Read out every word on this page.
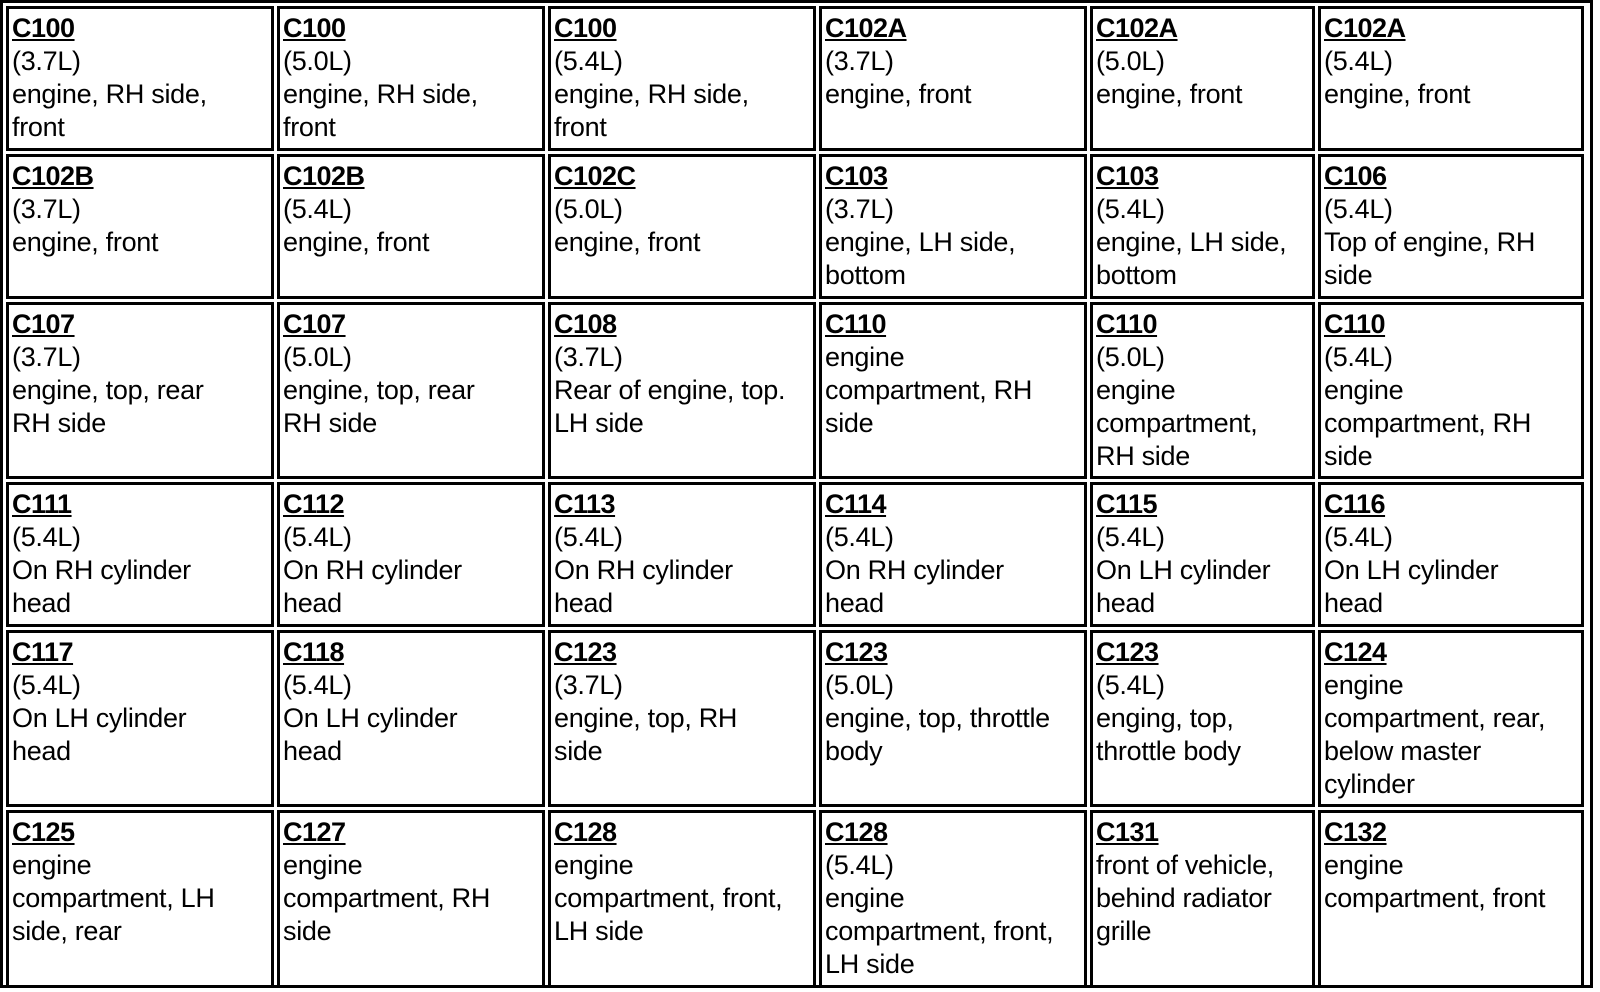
C100
(3.7L)
engine, RH side,
front
C100
(5.0L)
engine, RH side,
front
C100
(5.4L)
engine, RH side,
front
C102A
(3.7L)
engine, front
C102A
(5.0L)
engine, front
C102A
(5.4L)
engine, front
C102B
(3.7L)
engine, front
C102B
(5.4L)
engine, front
C102C
(5.0L)
engine, front
C103
(3.7L)
engine, LH side,
bottom
C103
(5.4L)
engine, LH side,
bottom
C106
(5.4L)
Top of engine, RH
side
C107
(3.7L)
engine, top, rear
RH side
C107
(5.0L)
engine, top, rear
RH side
C108
(3.7L)
Rear of engine, top.
LH side
C110
engine
compartment, RH
side
C110
(5.0L)
engine
compartment,
RH side
C110
(5.4L)
engine
compartment, RH
side
C111
(5.4L)
On RH cylinder
head
C112
(5.4L)
On RH cylinder
head
C113
(5.4L)
On RH cylinder
head
C114
(5.4L)
On RH cylinder
head
C115
(5.4L)
On LH cylinder
head
C116
(5.4L)
On LH cylinder
head
C117
(5.4L)
On LH cylinder
head
C118
(5.4L)
On LH cylinder
head
C123
(3.7L)
engine, top, RH
side
C123
(5.0L)
engine, top, throttle
body
C123
(5.4L)
enging, top,
throttle body
C124
engine
compartment, rear,
below master
cylinder
C125
engine
compartment, LH
side, rear
C127
engine
compartment, RH
side
C128
engine
compartment, front,
LH side
C128
(5.4L)
engine
compartment, front,
LH side
C131
front of vehicle,
behind radiator
grille
C132
engine
compartment, front
